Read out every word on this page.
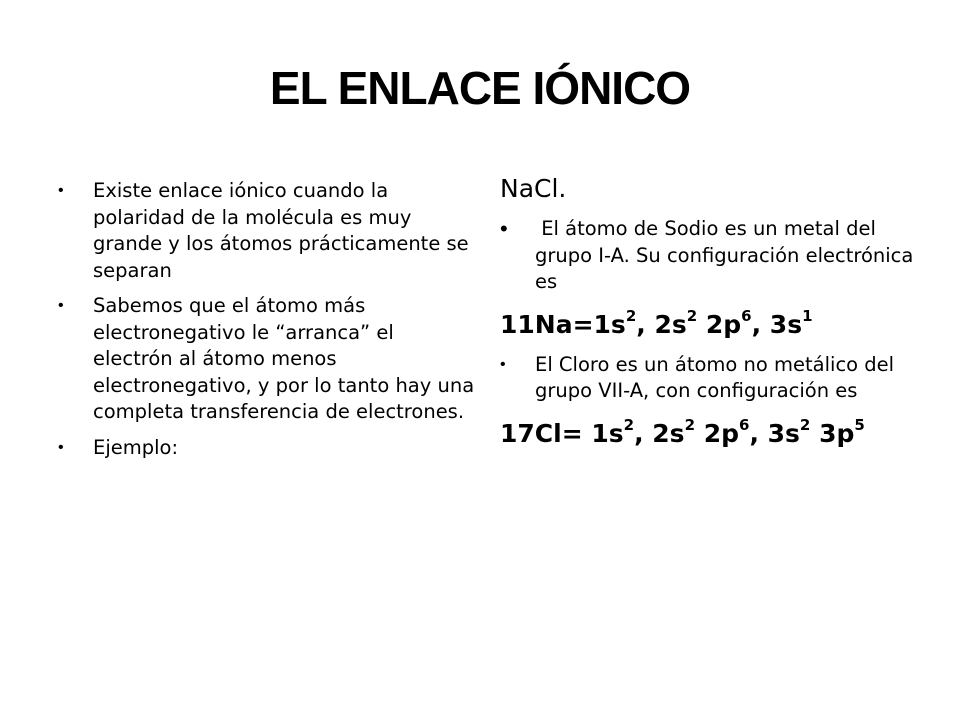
EL ENLACE IÓNICO
• Existe enlace iónico cuando la polaridad de la molécula es muy grande y los átomos prácticamente se separan
• Sabemos que el átomo más electronegativo le “arranca” el electrón al átomo menos electronegativo, y por lo tanto hay una completa transferencia de electrones.
• Ejemplo:
NaCl.
• El átomo de Sodio es un metal del grupo I-A. Su configuración electrónica es
$11Na=1s^2$, $2s^2$ $2p^6$, $3s^1$
• El Cloro es un átomo no metálico del grupo VII-A, con configuración es
$17Cl= 1s^2$, $2s^2$ $2p^6$, $3s^2$ $3p^5$
